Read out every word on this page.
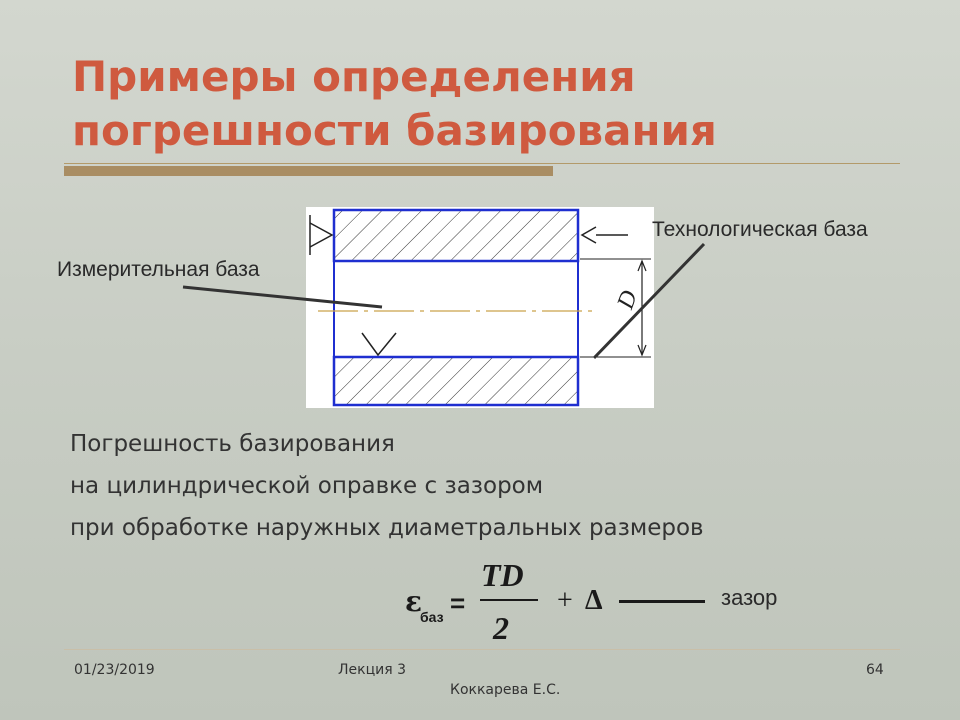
Примеры определения
погрешности базирования
D
Технологическая база
Измерительная база
Погрешность базирования
на цилиндрической оправке с зазором
при обработке наружных диаметральных размеров
ε
баз =
TD
2
+ Δ	зазор
01/23/2019	Лекция 3
Коккарева Е.С.
64
